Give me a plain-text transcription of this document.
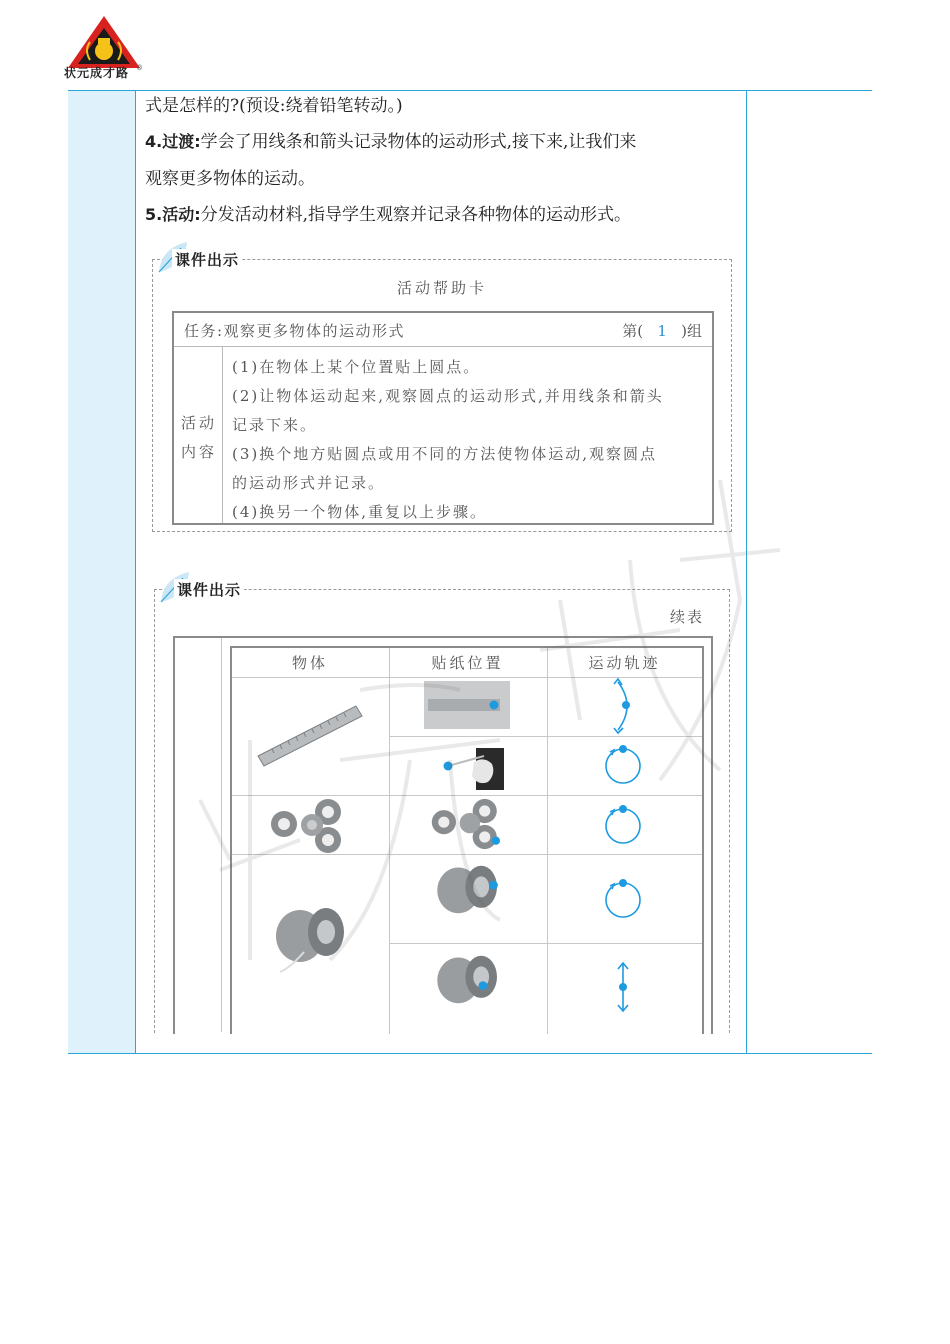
状元成才路 ®
式是怎样的?(预设:绕着铅笔转动。)
4.过渡:学会了用线条和箭头记录物体的运动形式,接下来,让我们来
观察更多物体的运动。
5.活动:分发活动材料,指导学生观察并记录各种物体的运动形式。
课件出示
活动帮助卡
任务:观察更多物体的运动形式	第( 1 )组
活动内容
(1)在物体上某个位置贴上圆点。
(2)让物体运动起来,观察圆点的运动形式,并用线条和箭头
记录下来。
(3)换个地方贴圆点或用不同的方法使物体运动,观察圆点
的运动形式并记录。
(4)换另一个物体,重复以上步骤。
课件出示
续表
物体	贴纸位置	运动轨迹
